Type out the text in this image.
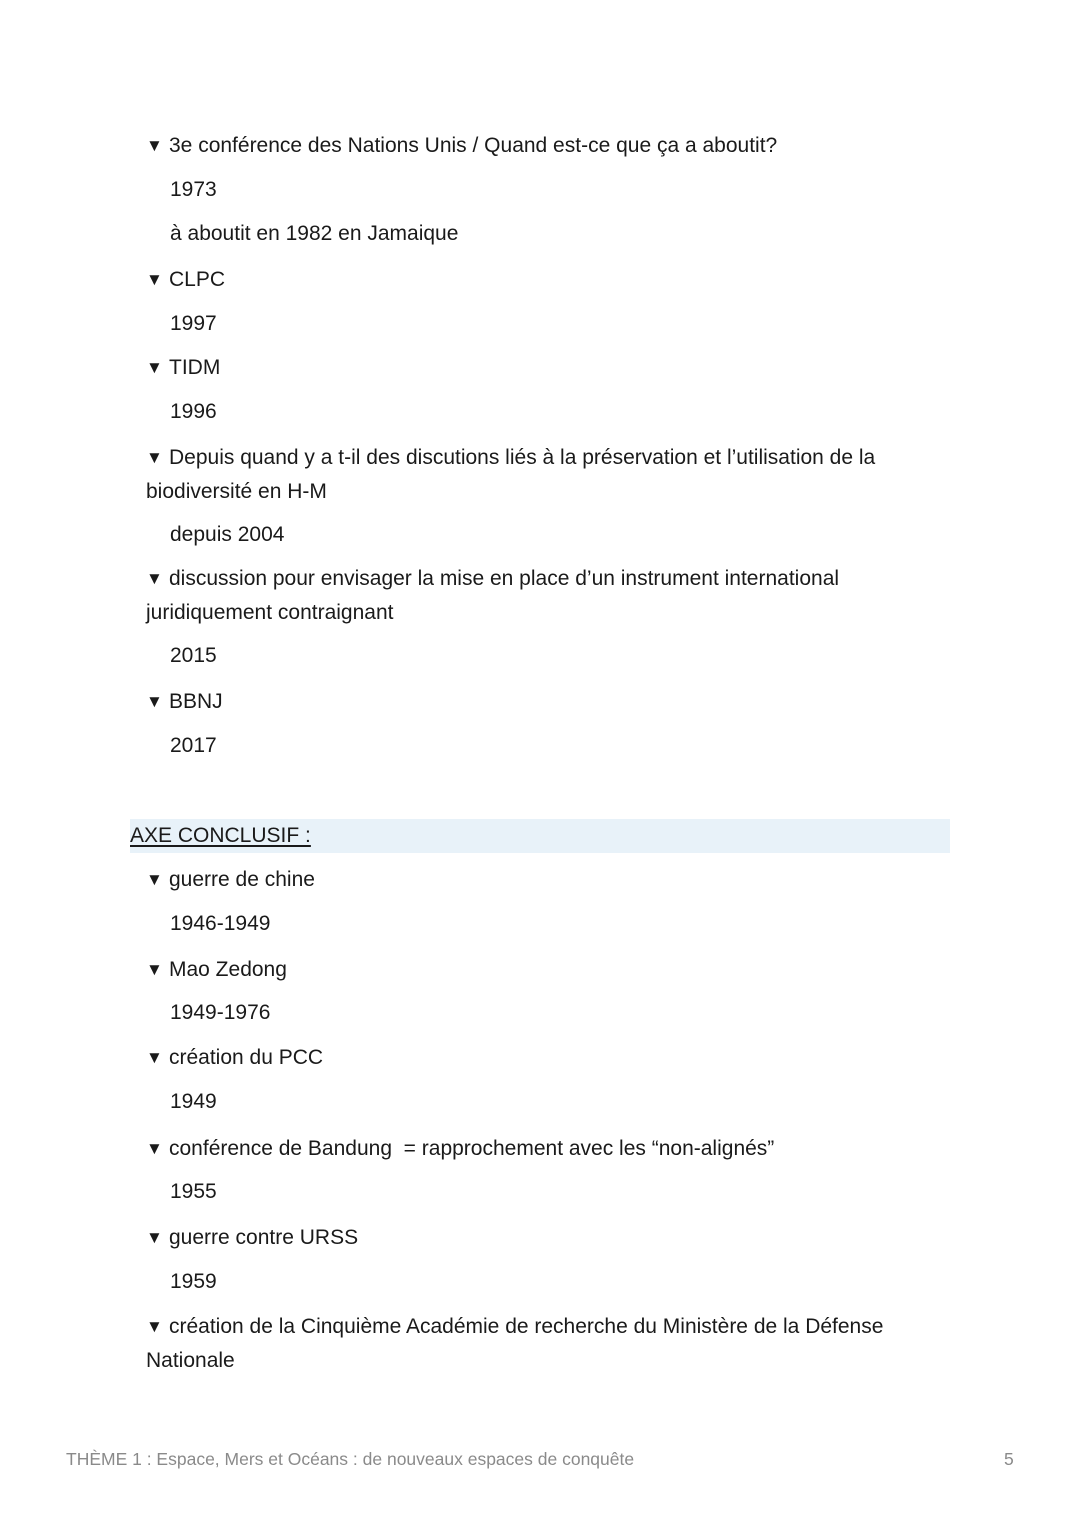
▼ 3e conférence des Nations Unis / Quand est-ce que ça a aboutit?
1973
à aboutit en 1982 en Jamaique
▼ CLPC
1997
▼ TIDM
1996
▼ Depuis quand y a t-il des discutions liés à la préservation et l’utilisation de la biodiversité en H-M
depuis 2004
▼ discussion pour envisager la mise en place d’un instrument international juridiquement contraignant
2015
▼ BBNJ
2017
AXE CONCLUSIF :
▼ guerre de chine
1946-1949
▼ Mao Zedong
1949-1976
▼ création du PCC
1949
▼ conférence de Bandung  = rapprochement avec les “non-alignés”
1955
▼ guerre contre URSS
1959
▼ création de la Cinquième Académie de recherche du Ministère de la Défense Nationale
THÈME 1 : Espace, Mers et Océans : de nouveaux espaces de conquête	5
